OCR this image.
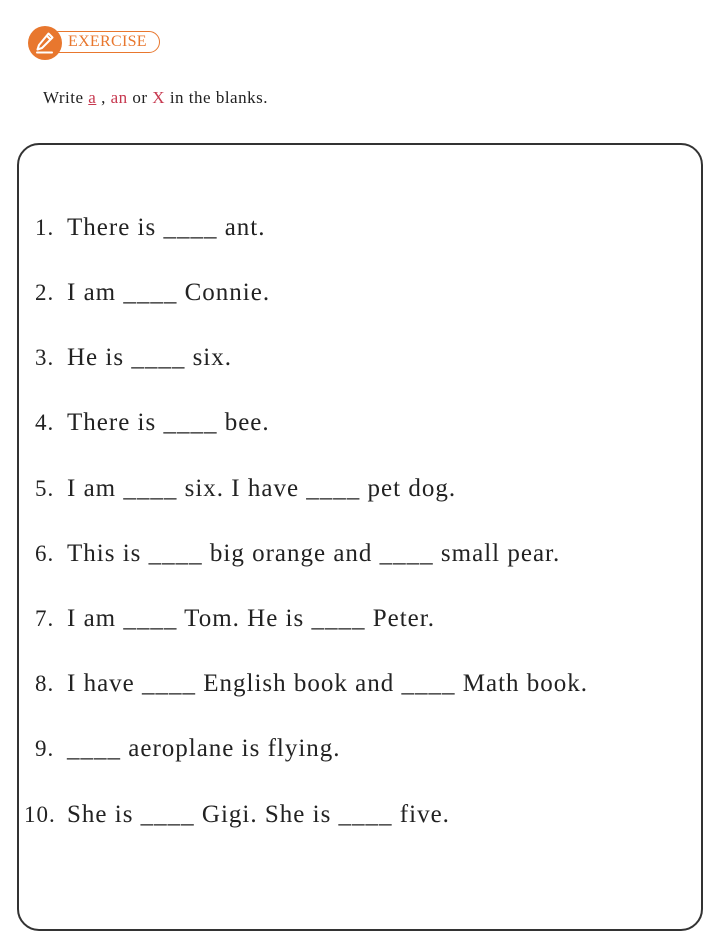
EXERCISE
Write a , an or X in the blanks.
1. There is ____ ant.
2. I am ____ Connie.
3. He is ____ six.
4. There is ____ bee.
5. I am ____ six. I have ____ pet dog.
6. This is ____ big orange and ____ small pear.
7. I am ____ Tom. He is ____ Peter.
8. I have ____ English book and ____ Math book.
9. ____ aeroplane is flying.
10. She is ____ Gigi. She is ____ five.
